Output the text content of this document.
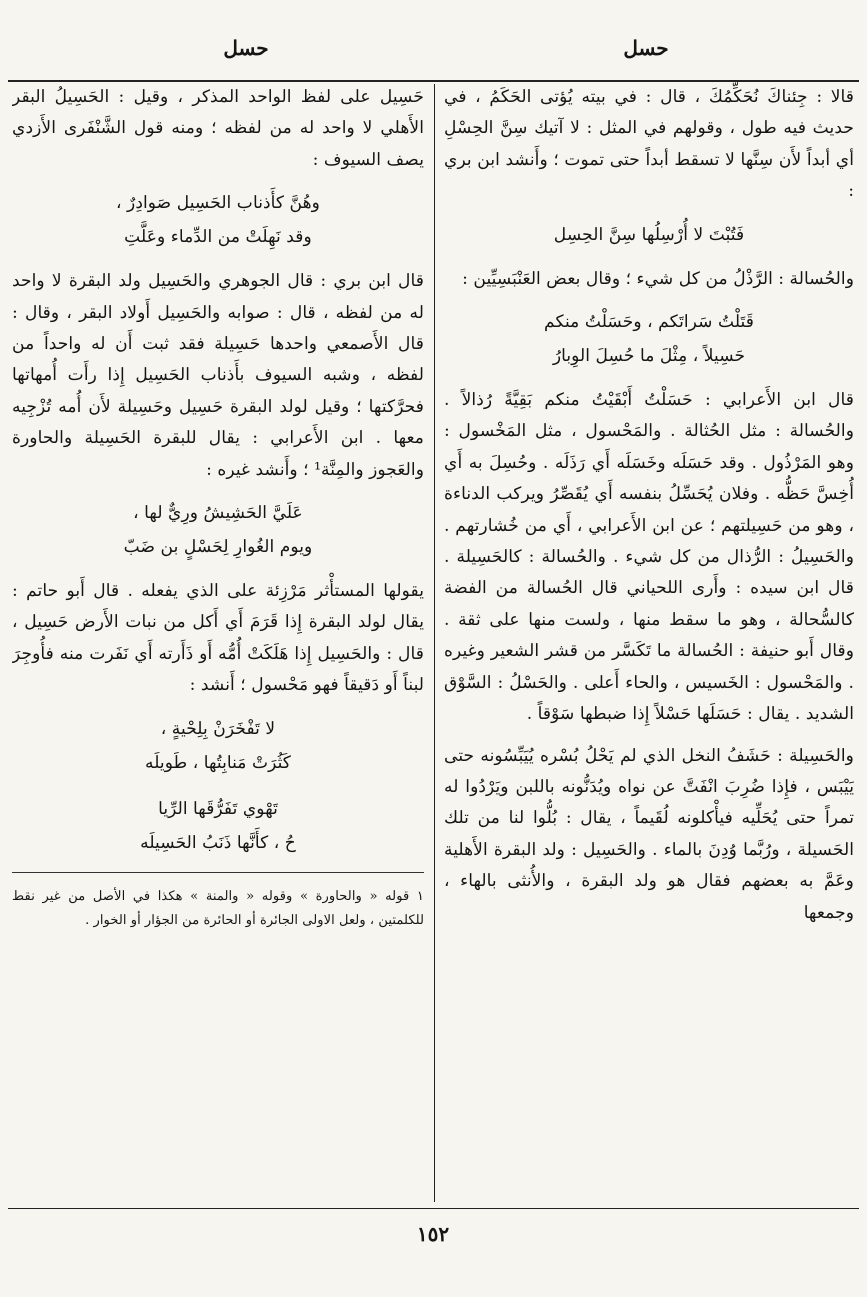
حسل
حسل

قالا : جِئناكَ نُحَكِّمُكَ ، قال : في بيته يُؤتى الحَكَمُ ، في حديث فيه طول ، وقولهم في المثل : لا آتيك سِنَّ الحِسْلِ أي أبداً لأَن سِنَّها لا تسقط أبداً حتى تموت ؛ وأَنشد ابن بري :

فَتُبْتَ لا أُرْسِلُها سِنَّ الحِسِل

والحُسالة : الرَّذْلُ من كل شيء ؛ وقال بعض العَنْبَسِيِّين :

قَتَلْتُ سَراتَكم ، وحَسَلْتُ منكم
حَسِيلاً ، مِثْلَ ما حُسِلَ الوِبارُ

قال ابن الأَعرابي : حَسَلْتُ أَبْقَيْتُ منكم بَقِيَّةً رُذالاً . والحُسالة : مثل الحُثالة . والمَحْسول ، مثل المَخْسول : وهو المَرْذُول . وقد حَسَلَه وخَسَلَه أَي رَذَلَه . وحُسِلَ به أَي أُخِسَّ حَظُّه . وفلان يُحَسِّلُ بنفسه أَي يُقَصِّرُ ويركب الدناءة ، وهو من حَسِيلتهم ؛ عن ابن الأَعرابي ، أَي من خُشارتهم . والحَسِيلُ : الرُّذال من كل شيء . والحُسالة : كالحَسِيلة . قال ابن سيده : وأَرى اللحياني قال الحُسالة من الفضة كالسُّحالة ، وهو ما سقط منها ، ولست منها على ثقة . وقال أَبو حنيفة : الحُسالة ما تَكَسَّر من قشر الشعير وغيره . والمَحْسول : الخَسيس ، والحاء أَعلى . والحَسْلُ : السَّوْق الشديد . يقال : حَسَلَها حَسْلاً إِذا ضبطها سَوْقاً .

والحَسِيلة : حَشَفُ النخل الذي لم يَحْلُ بُسْره يُيَبِّسُونه حتى يَيْبَس ، فإِذا ضُرِبَ انْفَتَّ عن نواه ويُدَنُّونه باللبن ويَرْدُوا له تمراً حتى يُحَلِّيه فيأْكلونه لُقَيماً ، يقال : بُلُّوا لنا من تلك الحَسيلة ، ورُبَّما وُدِنَ بالماء . والحَسِيل : ولد البقرة الأَهلية وعَمَّ به بعضهم فقال هو ولد البقرة ، والأُنثى بالهاء ، وجمعها

حَسِيل على لفظ الواحد المذكر ، وقيل : الحَسِيلُ البقر الأَهلي لا واحد له من لفظه ؛ ومنه قول الشَّنْفَرى الأَزدي يصف السيوف :

وهُنَّ كأَذناب الحَسِيل صَوادِرٌ ،
وقد نَهِلَتْ من الدِّماء وعَلَّتِ

قال ابن بري : قال الجوهري والحَسِيل ولد البقرة لا واحد له من لفظه ، قال : صوابه والحَسِيل أَولاد البقر ، وقال : قال الأَصمعي واحدها حَسِيلة فقد ثبت أَن له واحداً من لفظه ، وشبه السيوف بأَذناب الحَسِيل إِذا رأَت أُمهاتها فحرَّكتها ؛ وقيل لولد البقرة حَسِيل وحَسِيلة لأَن أُمه تُزْجِيه معها . ابن الأَعرابي : يقال للبقرة الحَسِيلة والحاورة والعَجوز والمِنَّة¹ ؛ وأَنشد غيره :

عَلَيَّ الحَشِيشُ ورِيٌّ لها ،
ويوم الغُوارِ لِحَسْلٍ بن ضَبّ

يقولها المستأْثر مَرْزِئة على الذي يفعله . قال أَبو حاتم : يقال لولد البقرة إِذا قَرَمَ أَي أَكل من نبات الأَرض حَسِيل ، قال : والحَسِيل إِذا هَلَكَتْ أُمُّه أَو ذَأَرته أَي نَفَرت منه فأُوجِرَ لبناً أَو دَقيقاً فهو مَحْسول ؛ أَنشد :

لا تَفْخَرَنْ بِلِحْيةٍ ،
كَثُرَتْ مَنابِتُها ، طَويلَه
تَهْوي تَفَرُّقَها الرِّيا
حُ ، كأَنَّها ذَنَبُ الحَسِيلَه
١ قوله « والحاورة » وقوله « والمنة » هكذا في الأصل من غير نقط للكلمتين ، ولعل الاولى الجائرة أو الحائرة من الجؤار أو الخوار .
١٥٢
